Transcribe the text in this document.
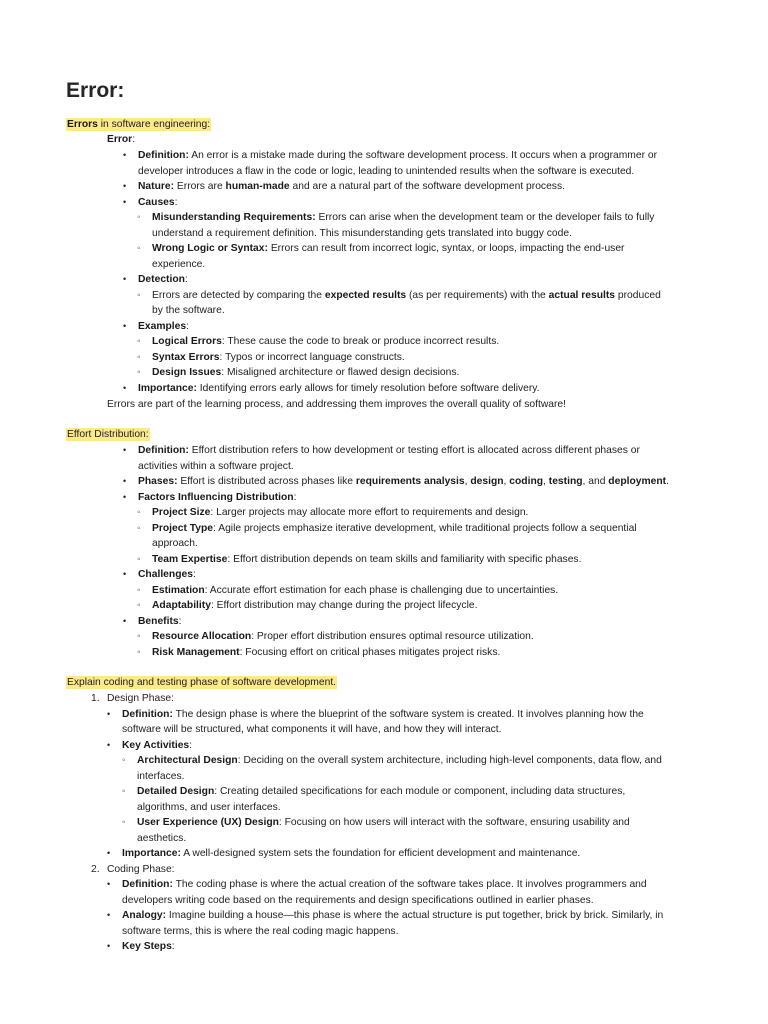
Error:
Errors in software engineering:
Error:
• Definition: An error is a mistake made during the software development process. It occurs when a programmer or
developer introduces a flaw in the code or logic, leading to unintended results when the software is executed.
• Nature: Errors are human-made and are a natural part of the software development process.
• Causes:
◦ Misunderstanding Requirements: Errors can arise when the development team or the developer fails to fully
understand a requirement definition. This misunderstanding gets translated into buggy code.
◦ Wrong Logic or Syntax: Errors can result from incorrect logic, syntax, or loops, impacting the end-user
experience.
• Detection:
◦ Errors are detected by comparing the expected results (as per requirements) with the actual results produced
by the software.
• Examples:
◦ Logical Errors: These cause the code to break or produce incorrect results.
◦ Syntax Errors: Typos or incorrect language constructs.
◦ Design Issues: Misaligned architecture or flawed design decisions.
• Importance: Identifying errors early allows for timely resolution before software delivery.
Errors are part of the learning process, and addressing them improves the overall quality of software!
Effort Distribution:
• Definition: Effort distribution refers to how development or testing effort is allocated across different phases or
activities within a software project.
• Phases: Effort is distributed across phases like requirements analysis, design, coding, testing, and deployment.
• Factors Influencing Distribution:
◦ Project Size: Larger projects may allocate more effort to requirements and design.
◦ Project Type: Agile projects emphasize iterative development, while traditional projects follow a sequential
approach.
◦ Team Expertise: Effort distribution depends on team skills and familiarity with specific phases.
• Challenges:
◦ Estimation: Accurate effort estimation for each phase is challenging due to uncertainties.
◦ Adaptability: Effort distribution may change during the project lifecycle.
• Benefits:
◦ Resource Allocation: Proper effort distribution ensures optimal resource utilization.
◦ Risk Management: Focusing effort on critical phases mitigates project risks.
Explain coding and testing phase of software development.
1. Design Phase:
• Definition: The design phase is where the blueprint of the software system is created. It involves planning how the
software will be structured, what components it will have, and how they will interact.
• Key Activities:
◦ Architectural Design: Deciding on the overall system architecture, including high-level components, data flow, and
interfaces.
◦ Detailed Design: Creating detailed specifications for each module or component, including data structures,
algorithms, and user interfaces.
◦ User Experience (UX) Design: Focusing on how users will interact with the software, ensuring usability and
aesthetics.
• Importance: A well-designed system sets the foundation for efficient development and maintenance.
2. Coding Phase:
• Definition: The coding phase is where the actual creation of the software takes place. It involves programmers and
developers writing code based on the requirements and design specifications outlined in earlier phases.
• Analogy: Imagine building a house—this phase is where the actual structure is put together, brick by brick. Similarly, in
software terms, this is where the real coding magic happens.
• Key Steps:
